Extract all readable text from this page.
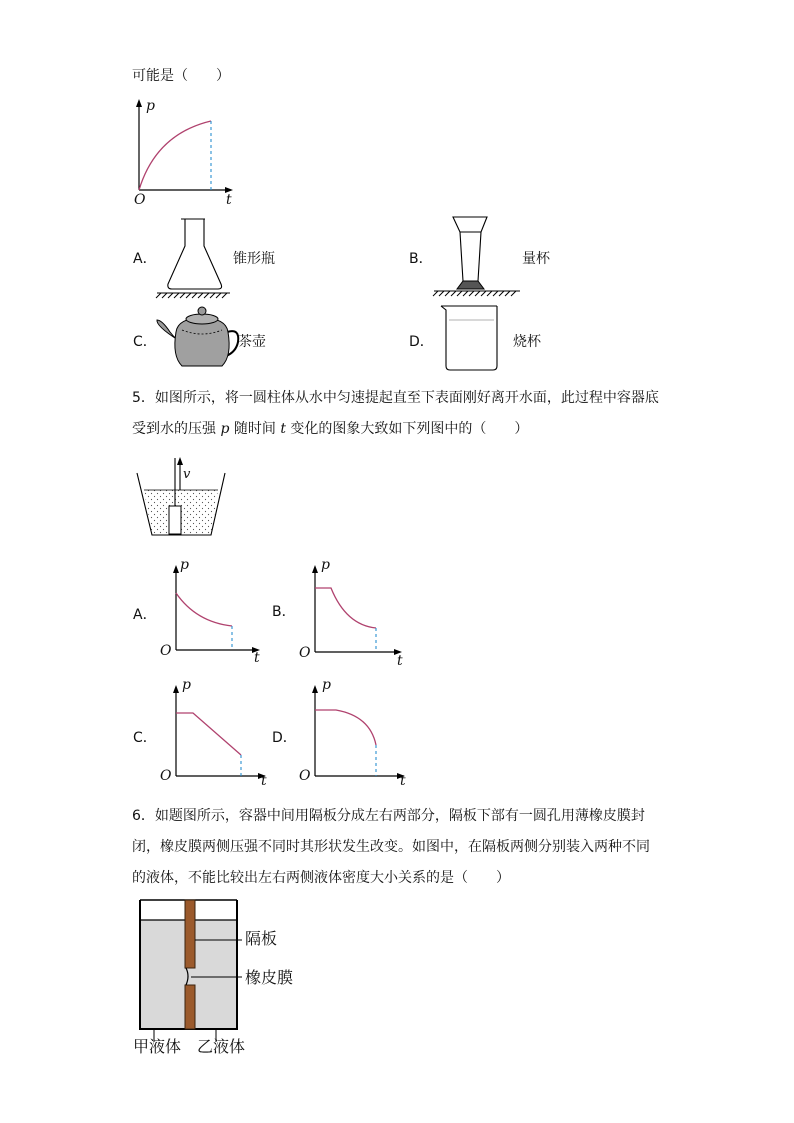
可能是（　　）
p
t
O
A．	锥形瓶	B．	量杯
C．	茶壶	D．	烧杯
5．如图所示，将一圆柱体从水中匀速提起直至下表面刚好离开水面，此过程中容器底
受到水的压强 p 随时间 t 变化的图象大致如下列图中的（　　）
v
A．
p
t
O
B．
p
t
O
C．
p
t
O
D．
p
t
O
6．如题图所示，容器中间用隔板分成左右两部分，隔板下部有一圆孔用薄橡皮膜封
闭，橡皮膜两侧压强不同时其形状发生改变。如图中，在隔板两侧分别装入两种不同
的液体，不能比较出左右两侧液体密度大小关系的是（　　）
隔板
橡皮膜
甲液体 乙液体
